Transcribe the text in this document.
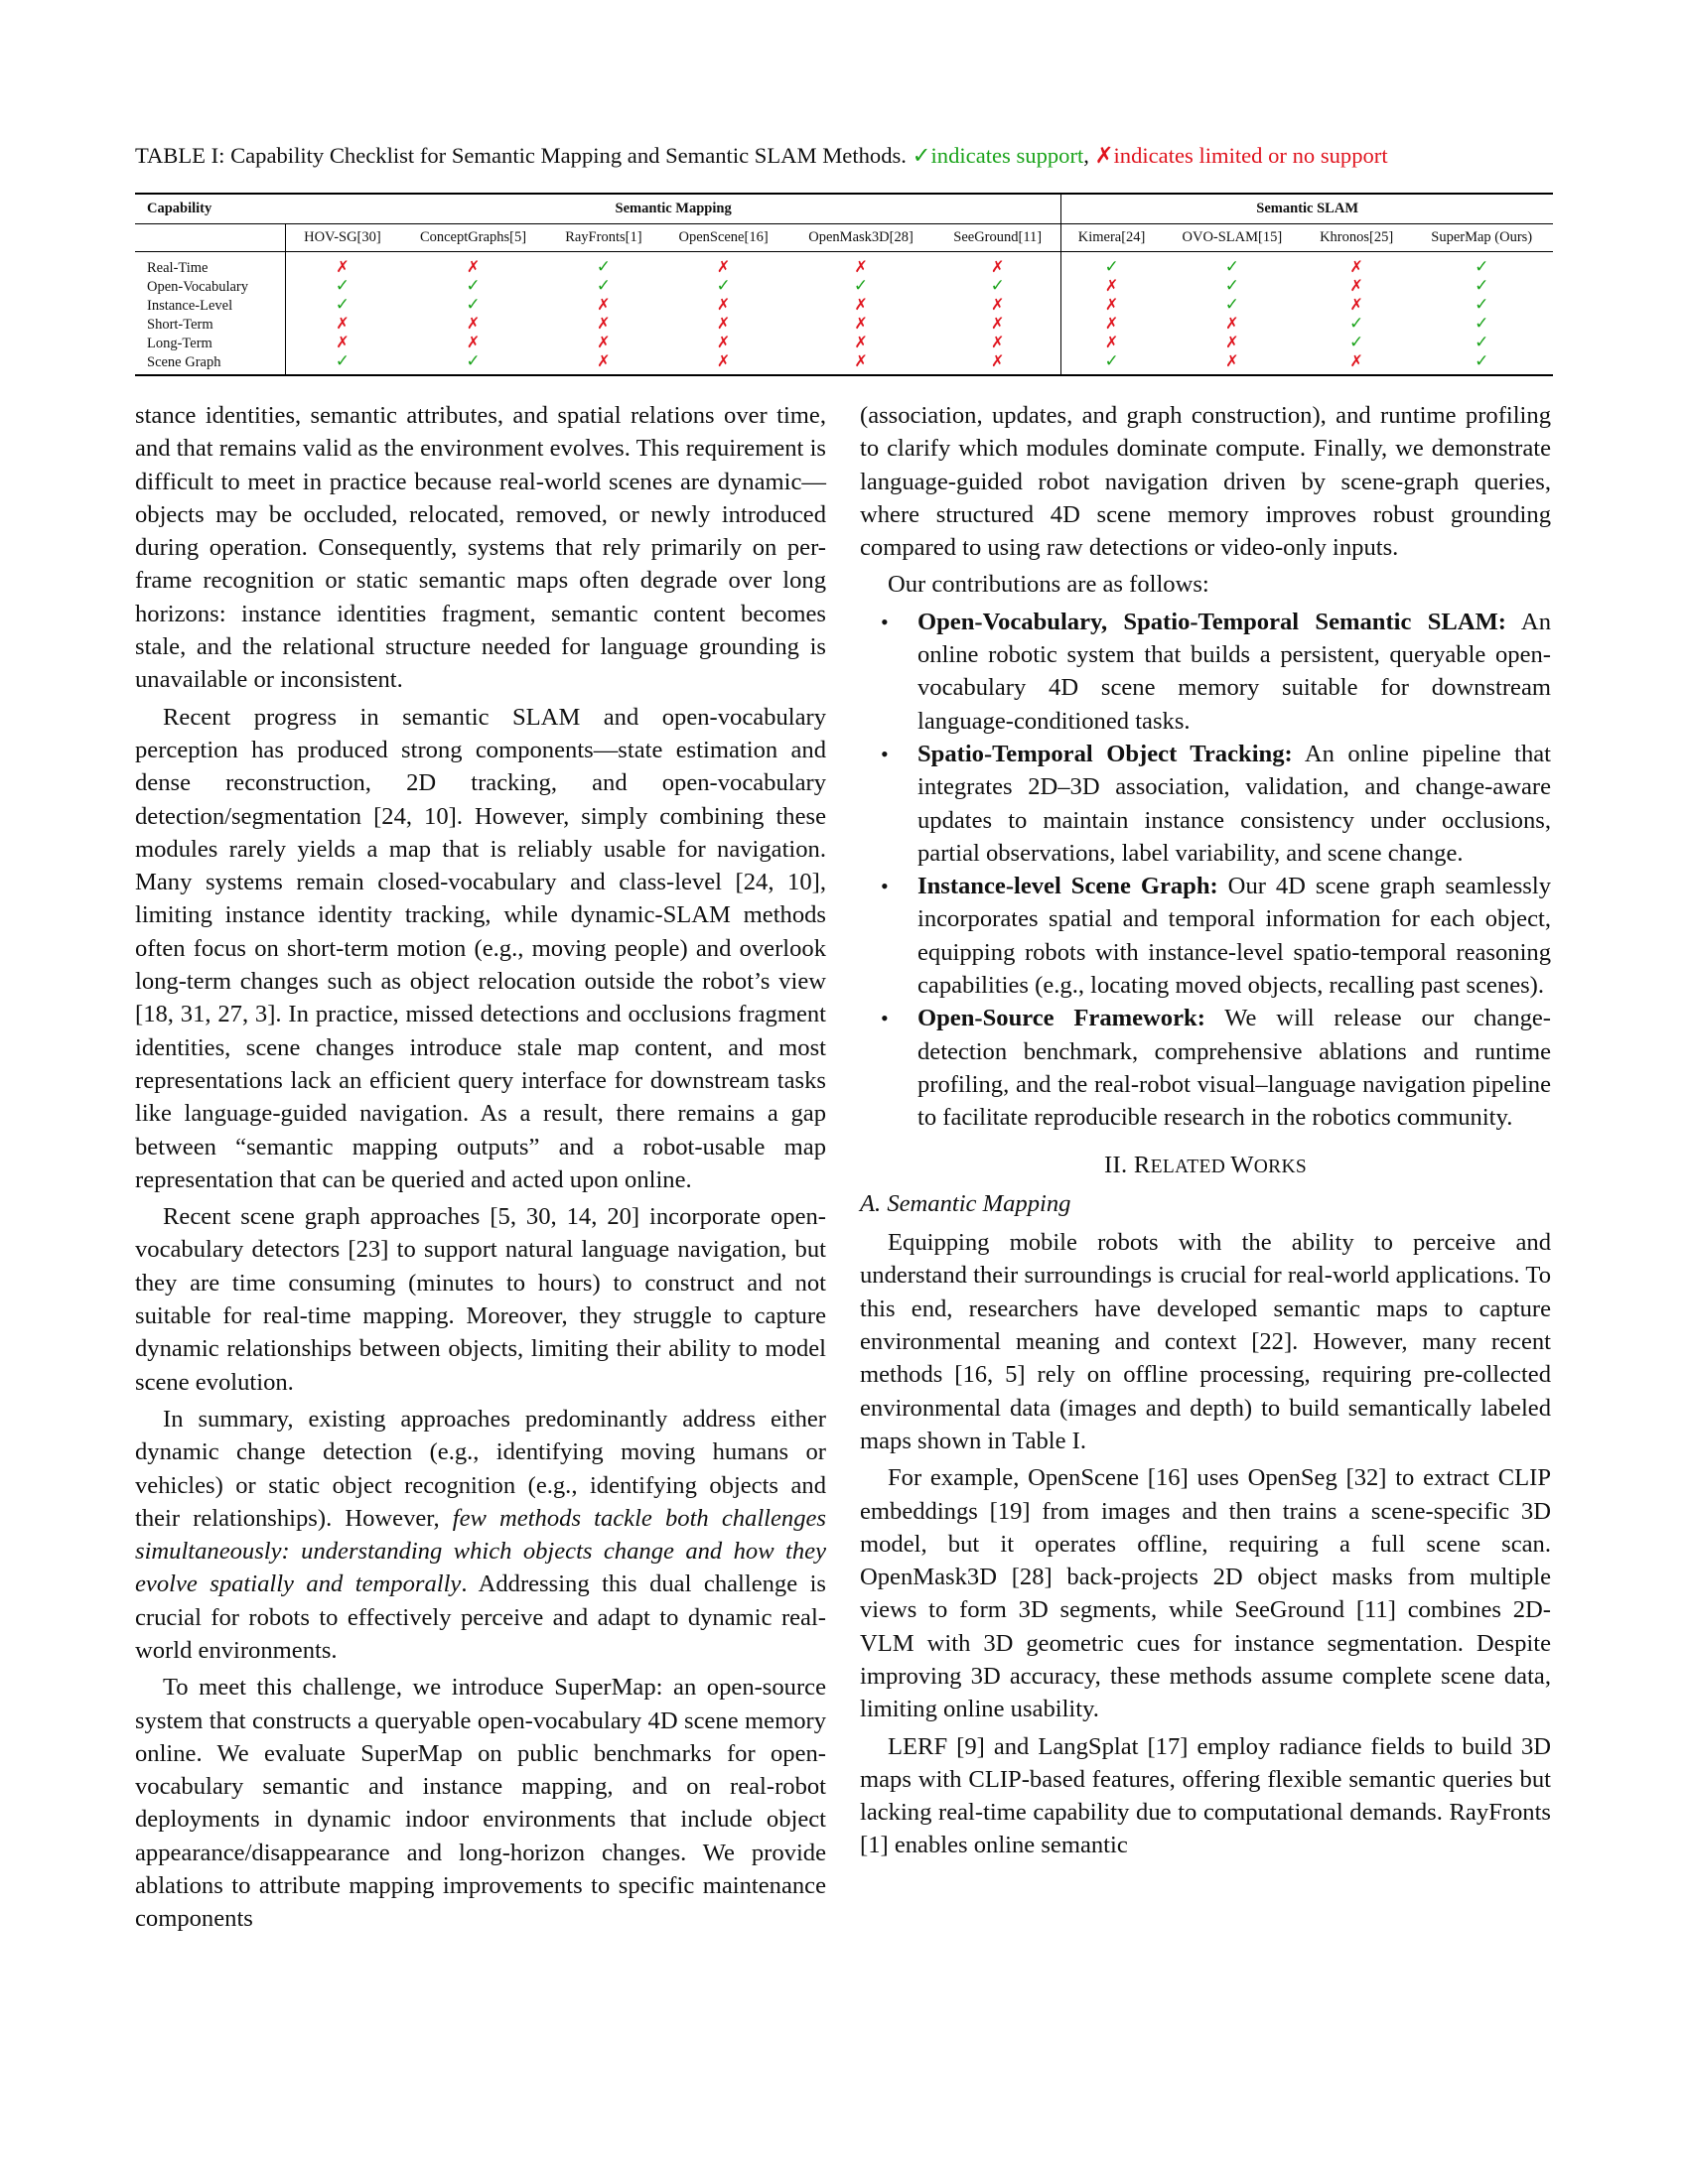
TABLE I: Capability Checklist for Semantic Mapping and Semantic SLAM Methods. ✓indicates support, ✗indicates limited or no support
Capability	Semantic Mapping						Semantic SLAM			
	HOV-SG[30]	ConceptGraphs[5]	RayFronts[1]	OpenScene[16]	OpenMask3D[28]	SeeGround[11]	Kimera[24]	OVO-SLAM[15]	Khronos[25]	SuperMap (Ours)
Real-Time	✗	✗	✓	✗	✗	✗	✓	✓	✗	✓
Open-Vocabulary	✓	✓	✓	✓	✓	✓	✗	✓	✗	✓
Instance-Level	✓	✓	✗	✗	✗	✗	✗	✓	✗	✓
Short-Term	✗	✗	✗	✗	✗	✗	✗	✗	✓	✓
Long-Term	✗	✗	✗	✗	✗	✗	✗	✗	✓	✓
Scene Graph	✓	✓	✗	✗	✗	✗	✓	✗	✗	✓

stance identities, semantic attributes, and spatial relations over time, and that remains valid as the environment evolves. This requirement is difficult to meet in practice because real-world scenes are dynamic—objects may be occluded, relocated, removed, or newly introduced during operation. Consequently, systems that rely primarily on per-frame recognition or static semantic maps often degrade over long horizons: instance identities fragment, semantic content becomes stale, and the relational structure needed for language grounding is unavailable or inconsistent.

Recent progress in semantic SLAM and open-vocabulary perception has produced strong components—state estimation and dense reconstruction, 2D tracking, and open-vocabulary detection/segmentation [24, 10]. However, simply combining these modules rarely yields a map that is reliably usable for navigation. Many systems remain closed-vocabulary and class-level [24, 10], limiting instance identity tracking, while dynamic-SLAM methods often focus on short-term motion (e.g., moving people) and overlook long-term changes such as object relocation outside the robot’s view [18, 31, 27, 3]. In practice, missed detections and occlusions fragment identities, scene changes introduce stale map content, and most representations lack an efficient query interface for downstream tasks like language-guided navigation. As a result, there remains a gap between “semantic mapping outputs” and a robot-usable map representation that can be queried and acted upon online.

Recent scene graph approaches [5, 30, 14, 20] incorporate open-vocabulary detectors [23] to support natural language navigation, but they are time consuming (minutes to hours) to construct and not suitable for real-time mapping. Moreover, they struggle to capture dynamic relationships between objects, limiting their ability to model scene evolution.

In summary, existing approaches predominantly address either dynamic change detection (e.g., identifying moving humans or vehicles) or static object recognition (e.g., identifying objects and their relationships). However, few methods tackle both challenges simultaneously: understanding which objects change and how they evolve spatially and temporally. Addressing this dual challenge is crucial for robots to effectively perceive and adapt to dynamic real-world environments.

To meet this challenge, we introduce SuperMap: an open-source system that constructs a queryable open-vocabulary 4D scene memory online. We evaluate SuperMap on public benchmarks for open-vocabulary semantic and instance mapping, and on real-robot deployments in dynamic indoor environments that include object appearance/disappearance and long-horizon changes. We provide ablations to attribute mapping improvements to specific maintenance components

(association, updates, and graph construction), and runtime profiling to clarify which modules dominate compute. Finally, we demonstrate language-guided robot navigation driven by scene-graph queries, where structured 4D scene memory improves robust grounding compared to using raw detections or video-only inputs.

Our contributions are as follows:

• Open-Vocabulary, Spatio-Temporal Semantic SLAM: An online robotic system that builds a persistent, queryable open-vocabulary 4D scene memory suitable for downstream language-conditioned tasks.
• Spatio-Temporal Object Tracking: An online pipeline that integrates 2D–3D association, validation, and change-aware updates to maintain instance consistency under occlusions, partial observations, label variability, and scene change.
• Instance-level Scene Graph: Our 4D scene graph seamlessly incorporates spatial and temporal information for each object, equipping robots with instance-level spatio-temporal reasoning capabilities (e.g., locating moved objects, recalling past scenes).
• Open-Source Framework: We will release our change-detection benchmark, comprehensive ablations and runtime profiling, and the real-robot visual–language navigation pipeline to facilitate reproducible research in the robotics community.
II. RELATED WORKS
A. Semantic Mapping

Equipping mobile robots with the ability to perceive and understand their surroundings is crucial for real-world applications. To this end, researchers have developed semantic maps to capture environmental meaning and context [22]. However, many recent methods [16, 5] rely on offline processing, requiring pre-collected environmental data (images and depth) to build semantically labeled maps shown in Table I.

For example, OpenScene [16] uses OpenSeg [32] to extract CLIP embeddings [19] from images and then trains a scene-specific 3D model, but it operates offline, requiring a full scene scan. OpenMask3D [28] back-projects 2D object masks from multiple views to form 3D segments, while SeeGround [11] combines 2D-VLM with 3D geometric cues for instance segmentation. Despite improving 3D accuracy, these methods assume complete scene data, limiting online usability.

LERF [9] and LangSplat [17] employ radiance fields to build 3D maps with CLIP-based features, offering flexible semantic queries but lacking real-time capability due to computational demands. RayFronts [1] enables online semantic
